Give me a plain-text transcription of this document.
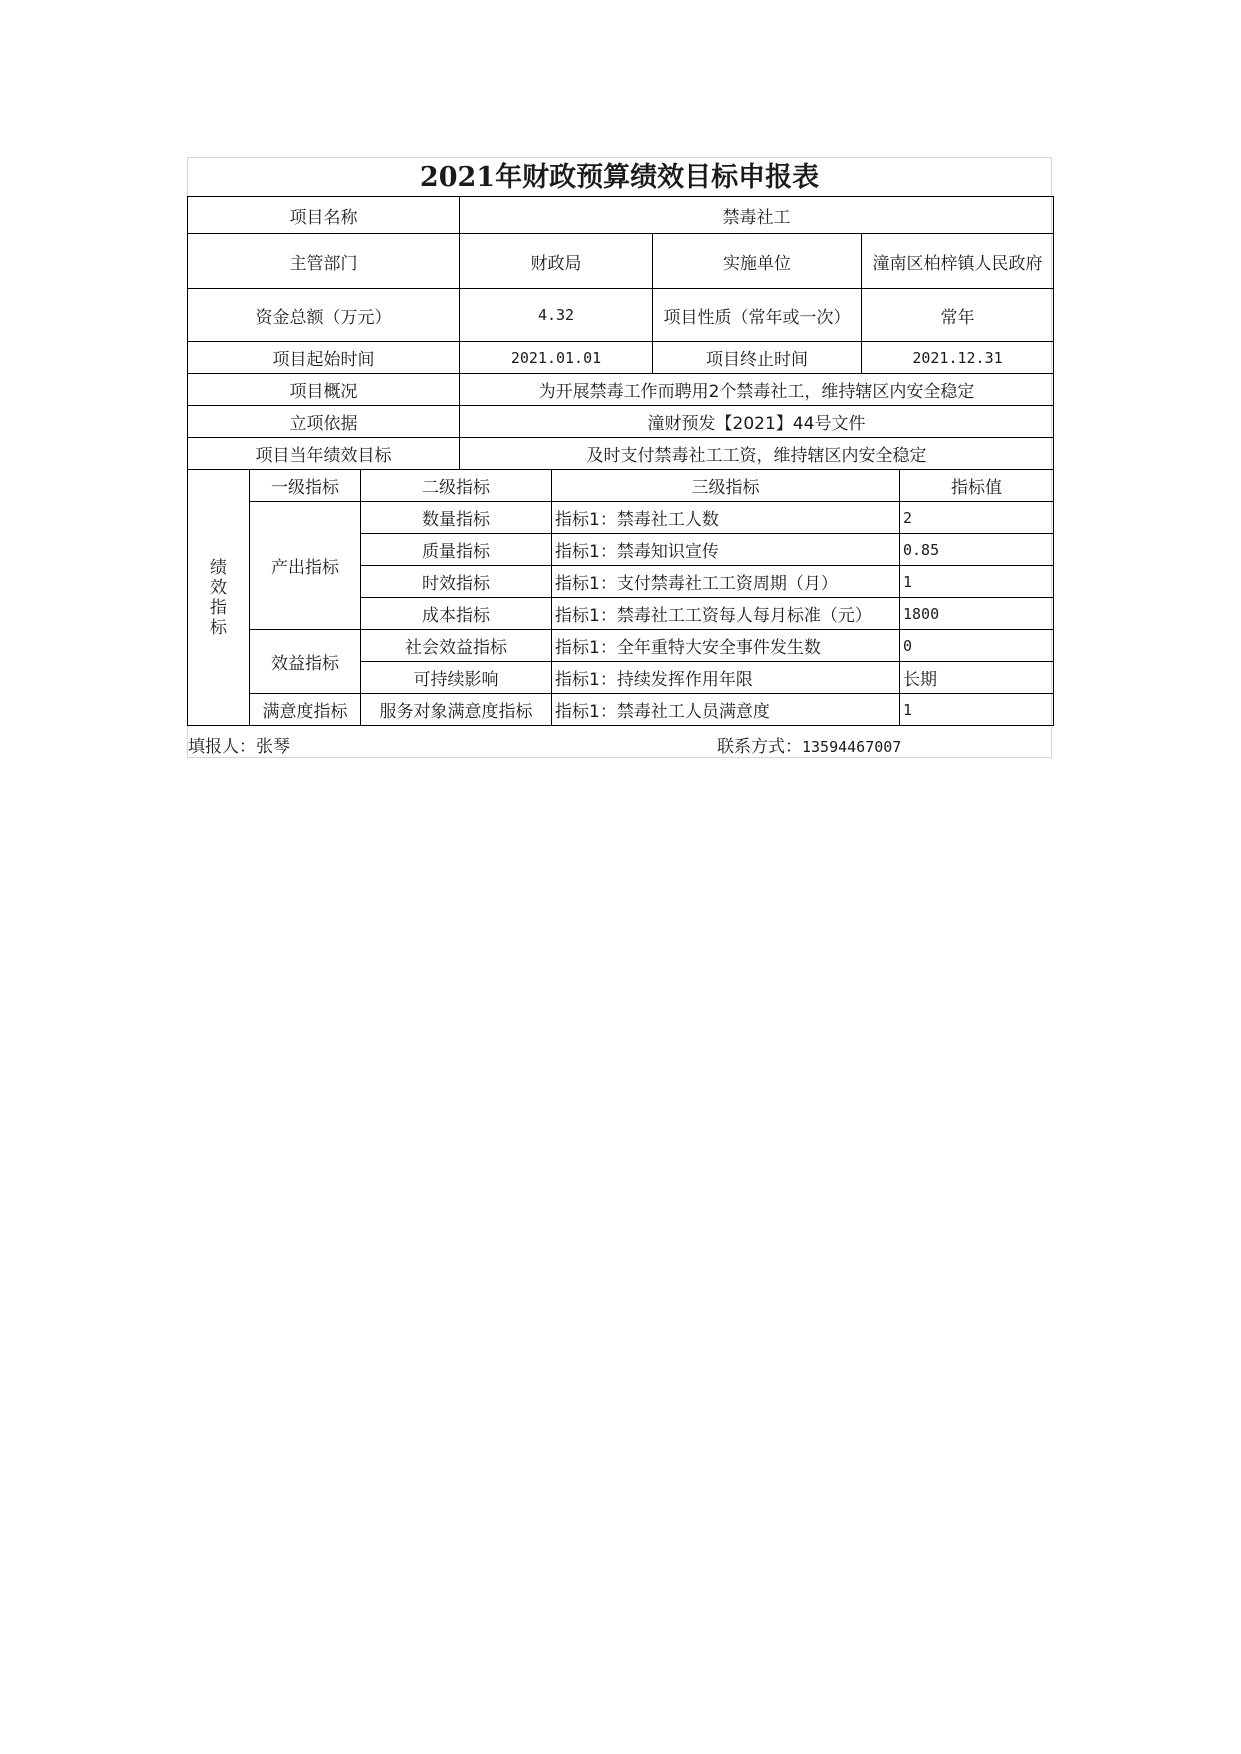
2021年财政预算绩效目标申报表
项目名称			禁毒社工				
主管部门			财政局		实施单位	潼南区柏梓镇人民政府	
资金总额（万元）			4.32		项目性质（常年或一次）	常年	
项目起始时间			2021.01.01		项目终止时间	2021.12.31	
项目概况			为开展禁毒工作而聘用2个禁毒社工，维持辖区内安全稳定				
立项依据			潼财预发【2021】44号文件				
项目当年绩效目标			及时支付禁毒社工工资，维持辖区内安全稳定				

绩
效
指
标	一级指标	二级指标		三级指标			指标值
	产出指标	数量指标		指标1：禁毒社工人数			2
		质量指标		指标1：禁毒知识宣传			0.85
		时效指标		指标1：支付禁毒社工工资周期（月）			1
		成本指标		指标1：禁毒社工工资每人每月标准（元）			1800
	效益指标	社会效益指标		指标1：全年重特大安全事件发生数			0
		可持续影响		指标1：持续发挥作用年限			长期
	满意度指标	服务对象满意度指标		指标1：禁毒社工人员满意度			1
填报人：张琴	联系方式：13594467007
